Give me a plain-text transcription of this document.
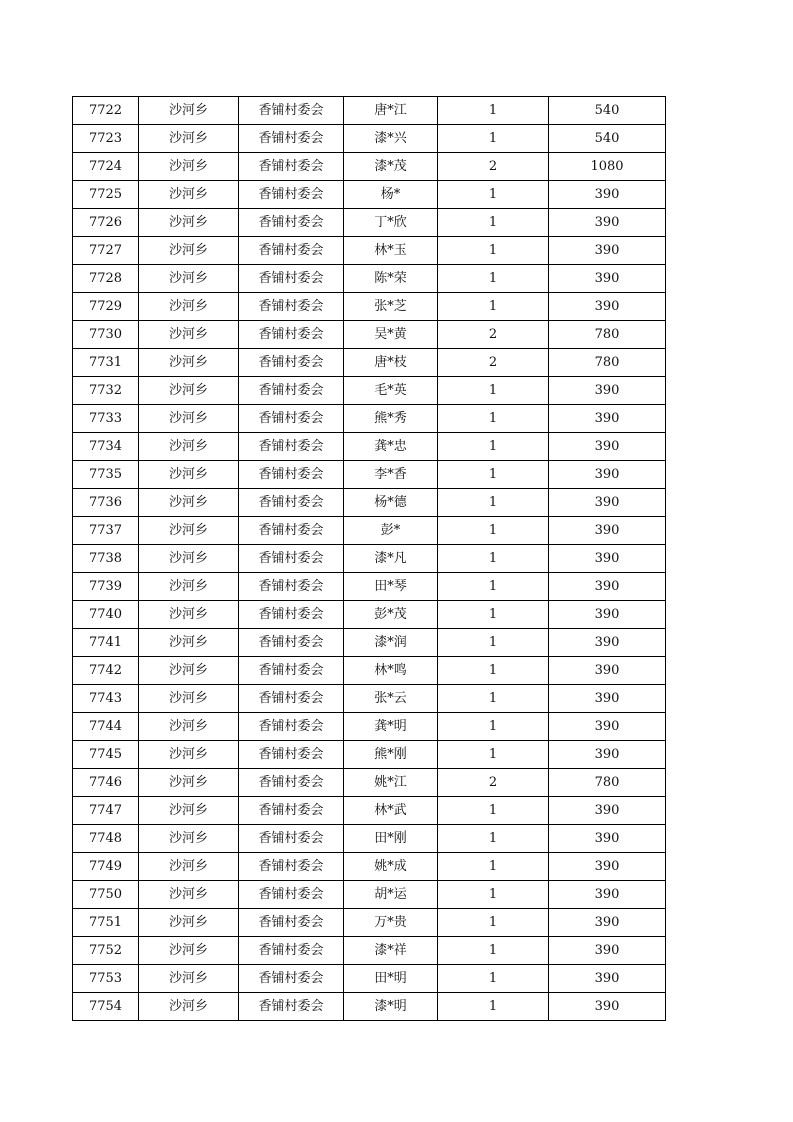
7722	沙河乡	香铺村委会	唐*江	1	540
7723	沙河乡	香铺村委会	漆*兴	1	540
7724	沙河乡	香铺村委会	漆*茂	2	1080
7725	沙河乡	香铺村委会	杨*	1	390
7726	沙河乡	香铺村委会	丁*欣	1	390
7727	沙河乡	香铺村委会	林*玉	1	390
7728	沙河乡	香铺村委会	陈*荣	1	390
7729	沙河乡	香铺村委会	张*芝	1	390
7730	沙河乡	香铺村委会	吴*黄	2	780
7731	沙河乡	香铺村委会	唐*枝	2	780
7732	沙河乡	香铺村委会	毛*英	1	390
7733	沙河乡	香铺村委会	熊*秀	1	390
7734	沙河乡	香铺村委会	龚*忠	1	390
7735	沙河乡	香铺村委会	李*香	1	390
7736	沙河乡	香铺村委会	杨*德	1	390
7737	沙河乡	香铺村委会	彭*	1	390
7738	沙河乡	香铺村委会	漆*凡	1	390
7739	沙河乡	香铺村委会	田*琴	1	390
7740	沙河乡	香铺村委会	彭*茂	1	390
7741	沙河乡	香铺村委会	漆*润	1	390
7742	沙河乡	香铺村委会	林*鸣	1	390
7743	沙河乡	香铺村委会	张*云	1	390
7744	沙河乡	香铺村委会	龚*明	1	390
7745	沙河乡	香铺村委会	熊*刚	1	390
7746	沙河乡	香铺村委会	姚*江	2	780
7747	沙河乡	香铺村委会	林*武	1	390
7748	沙河乡	香铺村委会	田*刚	1	390
7749	沙河乡	香铺村委会	姚*成	1	390
7750	沙河乡	香铺村委会	胡*运	1	390
7751	沙河乡	香铺村委会	万*贵	1	390
7752	沙河乡	香铺村委会	漆*祥	1	390
7753	沙河乡	香铺村委会	田*明	1	390
7754	沙河乡	香铺村委会	漆*明	1	390
